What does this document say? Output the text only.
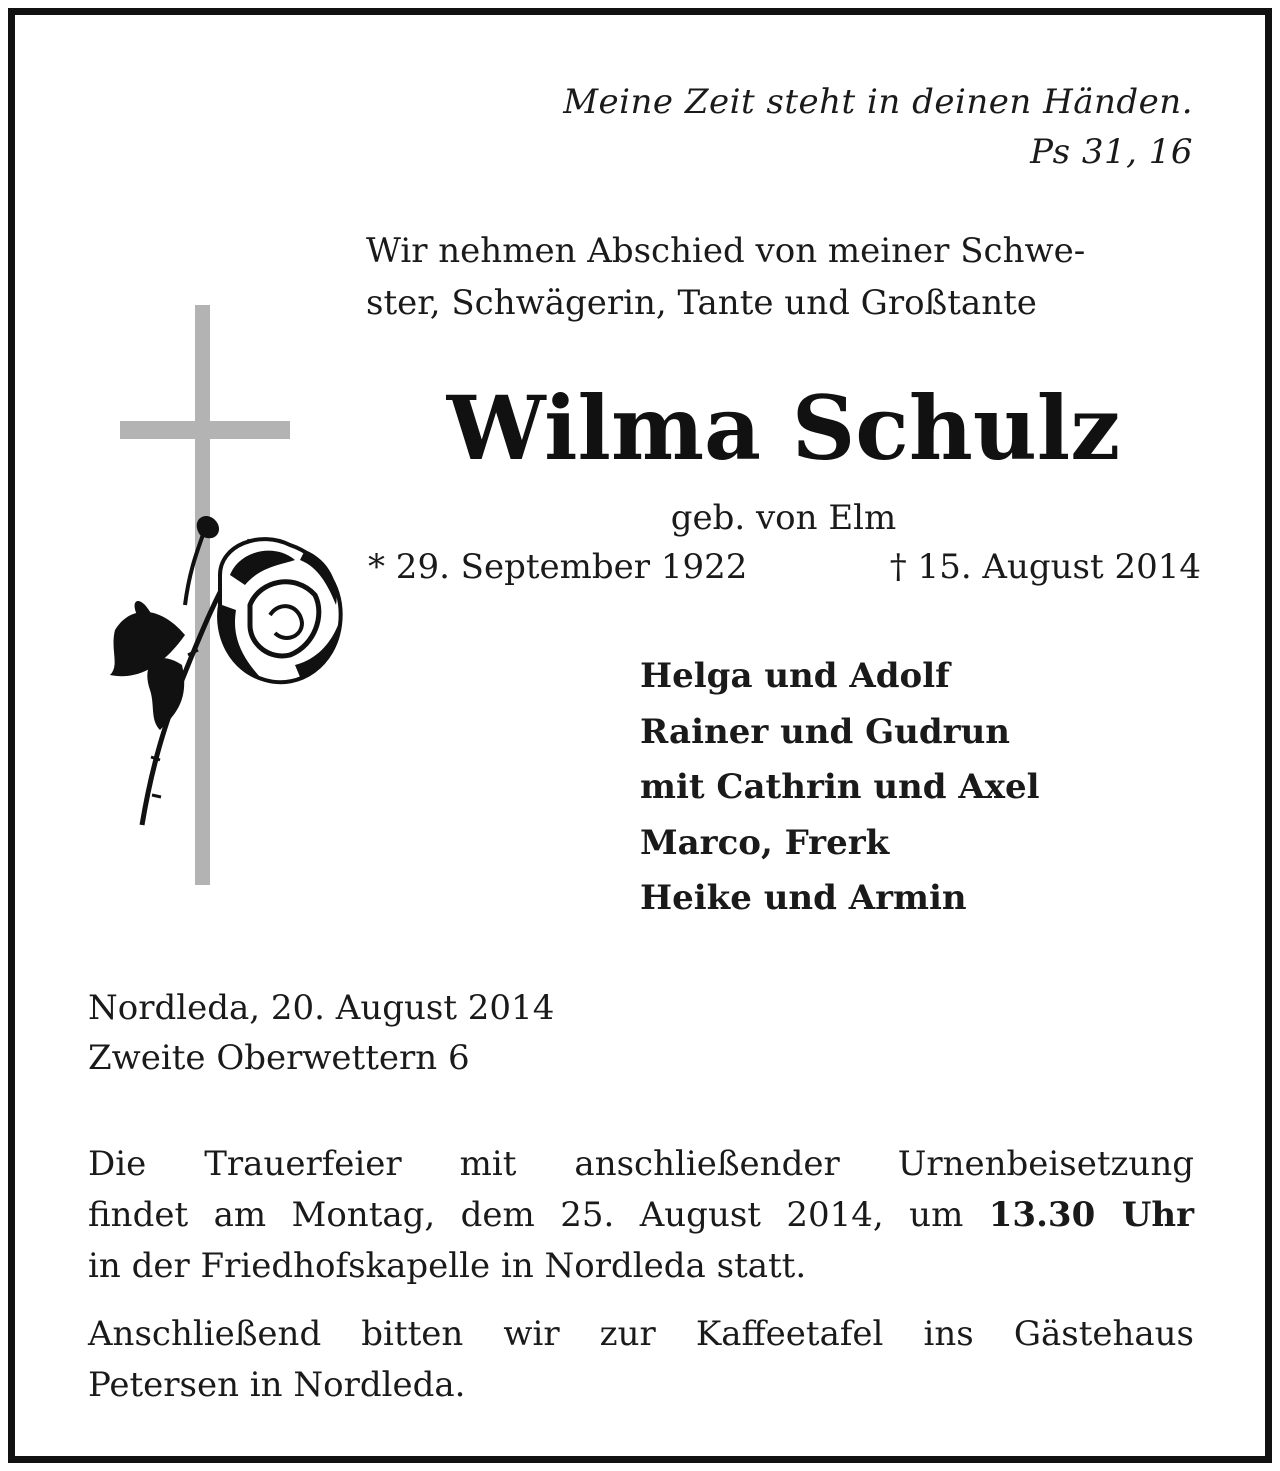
Meine Zeit steht in deinen Händen.
Ps 31, 16
Wir nehmen Abschied von meiner Schwe-
ster, Schwägerin, Tante und Großtante
Wilma Schulz
geb. von Elm
* 29. September 1922	† 15. August 2014
Helga und Adolf
Rainer und Gudrun
mit Cathrin und Axel
Marco, Frerk
Heike und Armin
Nordleda, 20. August 2014
Zweite Oberwettern 6
Die Trauerfeier mit anschließender Urnenbeisetzung
findet am Montag, dem 25. August 2014, um 13.30 Uhr
in der Friedhofskapelle in Nordleda statt.
Anschließend bitten wir zur Kaffeetafel ins Gästehaus
Petersen in Nordleda.
